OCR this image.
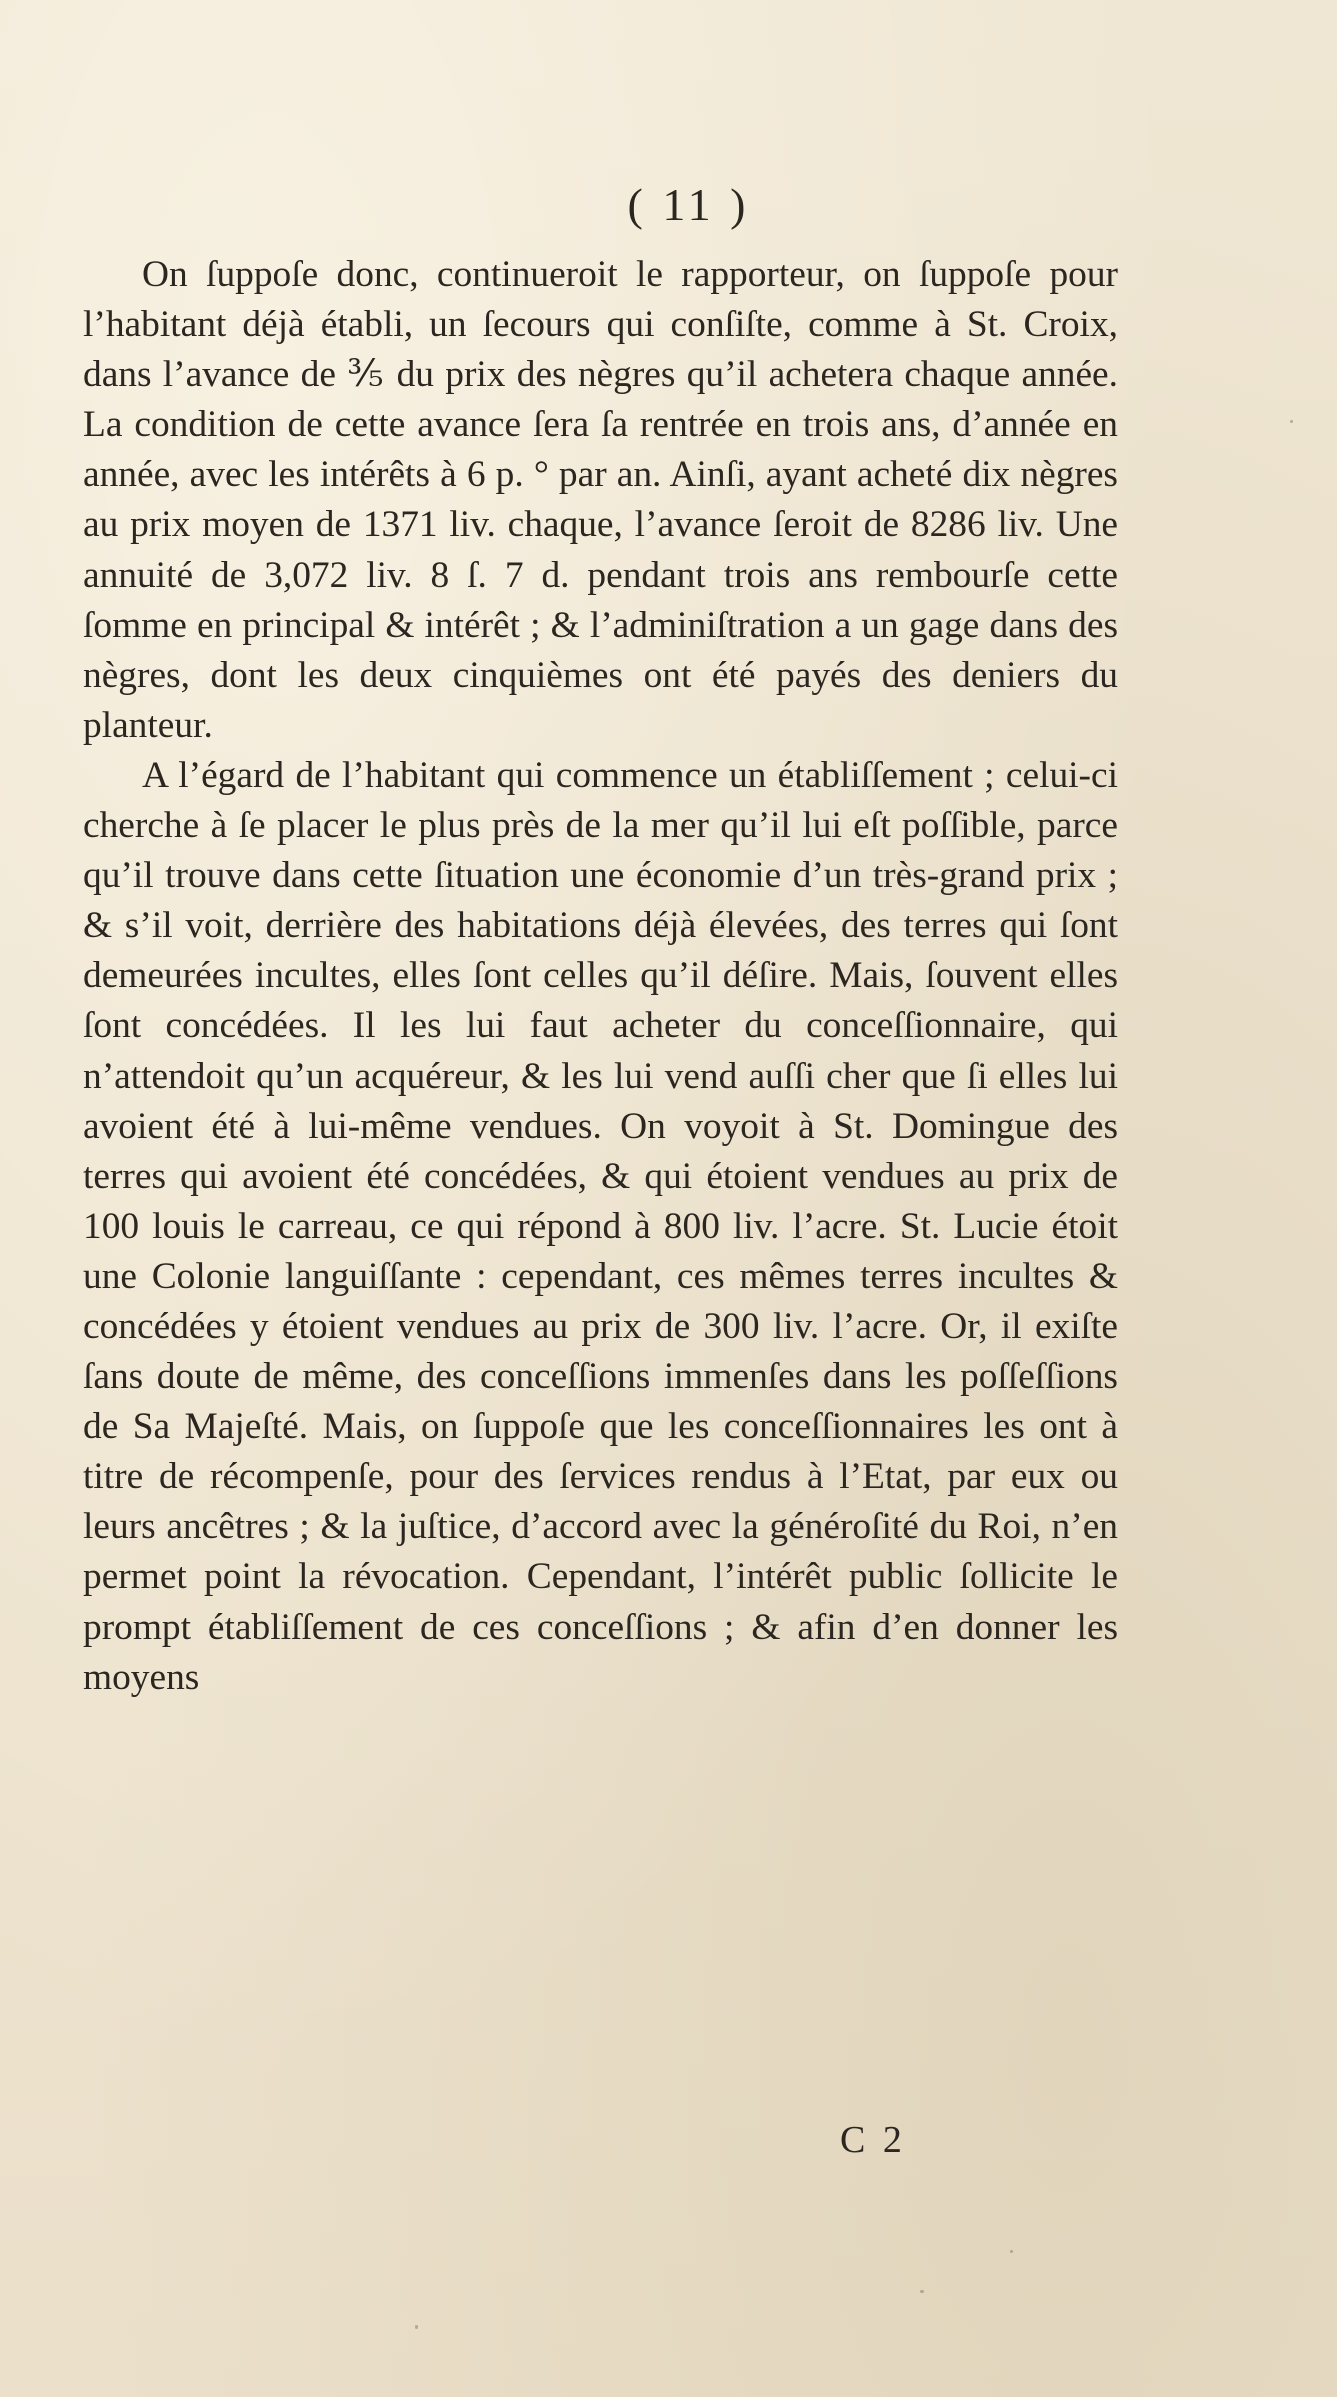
( 11 )

On ſuppoſe donc, continueroit le rapporteur, on ſuppoſe pour l’habitant déjà établi, un ſecours qui conſiſte, comme à St. Croix, dans l’avance de ⅗ du prix des nègres qu’il achetera chaque année. La condition de cette avance ſera ſa rentrée en trois ans, d’année en année, avec les intérêts à 6 p. ° par an. Ainſi, ayant acheté dix nègres au prix moyen de 1371 liv. chaque, l’avance ſeroit de 8286 liv. Une annuité de 3,072 liv. 8 ſ. 7 d. pendant trois ans rembourſe cette ſomme en principal & intérêt ; & l’adminiſtration a un gage dans des nègres, dont les deux cinquièmes ont été payés des deniers du planteur.

A l’égard de l’habitant qui commence un établiſſement ; celui-ci cherche à ſe placer le plus près de la mer qu’il lui eſt poſſible, parce qu’il trouve dans cette ſituation une économie d’un très-grand prix ; & s’il voit, derrière des habitations déjà élevées, des terres qui ſont demeurées incultes, elles ſont celles qu’il déſire. Mais, ſouvent elles ſont concédées. Il les lui faut acheter du conceſſionnaire, qui n’attendoit qu’un acquéreur, & les lui vend auſſi cher que ſi elles lui avoient été à lui-même vendues. On voyoit à St. Domingue des terres qui avoient été concédées, & qui étoient vendues au prix de 100 louis le carreau, ce qui répond à 800 liv. l’acre. St. Lucie étoit une Colonie languiſſante : cependant, ces mêmes terres incultes & concédées y étoient vendues au prix de 300 liv. l’acre. Or, il exiſte ſans doute de même, des conceſſions immenſes dans les poſſeſſions de Sa Majeſté. Mais, on ſuppoſe que les conceſſionnaires les ont à titre de récompenſe, pour des ſervices rendus à l’Etat, par eux ou leurs ancêtres ; & la juſtice, d’accord avec la généroſité du Roi, n’en permet point la révocation. Cependant, l’intérêt public ſollicite le prompt établiſſement de ces conceſſions ; & afin d’en donner les moyens

C 2
